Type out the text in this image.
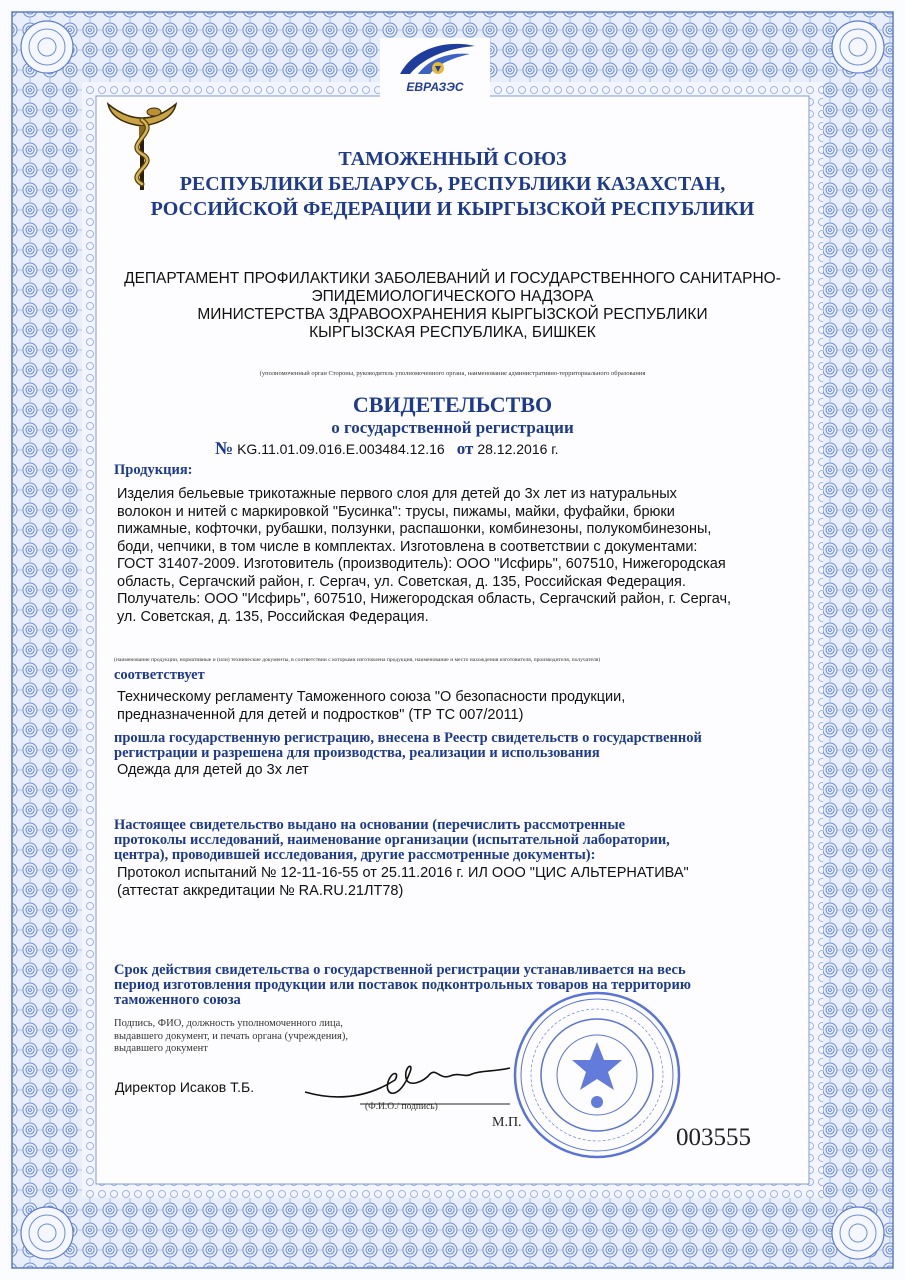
ЕВРАЗЭС
ТАМОЖЕННЫЙ СОЮЗ
РЕСПУБЛИКИ БЕЛАРУСЬ, РЕСПУБЛИКИ КАЗАХСТАН,
РОССИЙСКОЙ ФЕДЕРАЦИИ И КЫРГЫЗСКОЙ РЕСПУБЛИКИ
ДЕПАРТАМЕНТ ПРОФИЛАКТИКИ ЗАБОЛЕВАНИЙ И ГОСУДАРСТВЕННОГО САНИТАРНО-
ЭПИДЕМИОЛОГИЧЕСКОГО НАДЗОРА
МИНИСТЕРСТВА ЗДРАВООХРАНЕНИЯ КЫРГЫЗСКОЙ РЕСПУБЛИКИ
КЫРГЫЗСКАЯ РЕСПУБЛИКА, БИШКЕК
(уполномоченный орган Стороны, руководитель уполномоченного органа, наименование административно-территориального образования
СВИДЕТЕЛЬСТВО
о государственной регистрации
№ KG.11.01.09.016.E.003484.12.16 от 28.12.2016 г.
Продукция:
Изделия бельевые трикотажные первого слоя для детей до 3х лет из натуральных
волокон и нитей с маркировкой "Бусинка": трусы, пижамы, майки, фуфайки, брюки
пижамные, кофточки, рубашки, ползунки, распашонки, комбинезоны, полукомбинезоны,
боди, чепчики, в том числе в комплектах. Изготовлена в соответствии с документами:
ГОСТ 31407-2009. Изготовитель (производитель): ООО "Исфирь", 607510, Нижегородская
область, Сергачский район, г. Сергач, ул. Советская, д. 135, Российская Федерация.
Получатель: ООО "Исфирь", 607510, Нижегородская область, Сергачский район, г. Сергач,
ул. Советская, д. 135, Российская Федерация.
(наименование продукции, нормативные и (или) технические документы, в соответствии с которыми изготовлена продукция, наименование и место нахождения изготовителя, производителя, получателя)
соответствует
Техническому регламенту Таможенного союза "О безопасности продукции,
предназначенной для детей и подростков" (ТР ТС 007/2011)
прошла государственную регистрацию, внесена в Реестр свидетельств о государственной
регистрации и разрешена для производства, реализации и использования
Одежда для детей до 3х лет
Настоящее свидетельство выдано на основании (перечислить рассмотренные
протоколы исследований, наименование организации (испытательной лаборатории,
центра), проводившей исследования, другие рассмотренные документы):
Протокол испытаний № 12-11-16-55 от 25.11.2016 г. ИЛ ООО "ЦИС АЛЬТЕРНАТИВА"
(аттестат аккредитации № RA.RU.21ЛТ78)
Срок действия свидетельства о государственной регистрации устанавливается на весь
период изготовления продукции или поставок подконтрольных товаров на территорию
таможенного союза
Подпись, ФИО, должность уполномоченного лица,
выдавшего документ, и печать органа (учреждения),
выдавшего документ
Директор Исаков Т.Б.
(Ф.И.О./ подпись)
М.П.
003555
